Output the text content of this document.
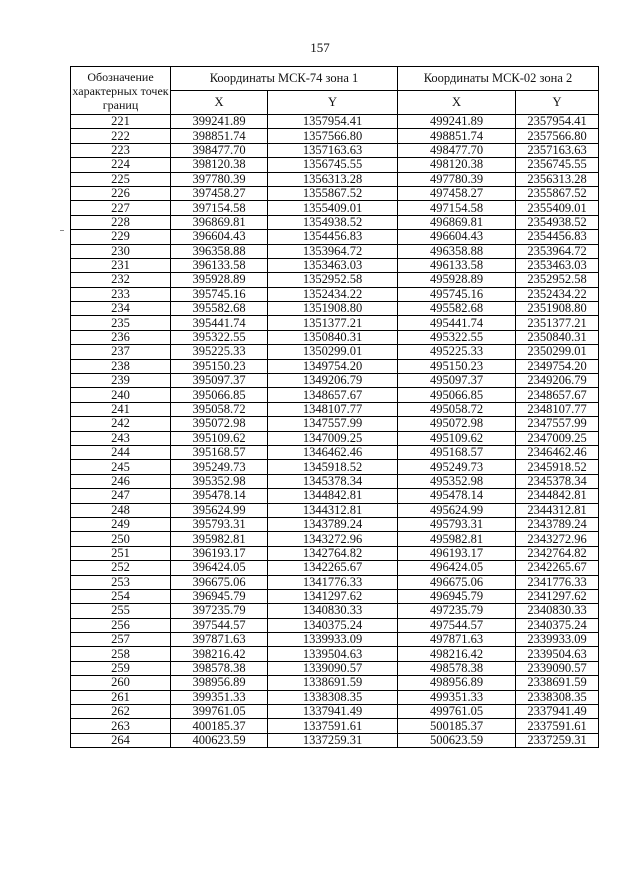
157
Обозначение характерных точек границ	Координаты МСК-74 зона 1		Координаты МСК-02 зона 2	
	X	Y	X	Y
221	399241.89	1357954.41	499241.89	2357954.41
222	398851.74	1357566.80	498851.74	2357566.80
223	398477.70	1357163.63	498477.70	2357163.63
224	398120.38	1356745.55	498120.38	2356745.55
225	397780.39	1356313.28	497780.39	2356313.28
226	397458.27	1355867.52	497458.27	2355867.52
227	397154.58	1355409.01	497154.58	2355409.01
228	396869.81	1354938.52	496869.81	2354938.52
229	396604.43	1354456.83	496604.43	2354456.83
230	396358.88	1353964.72	496358.88	2353964.72
231	396133.58	1353463.03	496133.58	2353463.03
232	395928.89	1352952.58	495928.89	2352952.58
233	395745.16	1352434.22	495745.16	2352434.22
234	395582.68	1351908.80	495582.68	2351908.80
235	395441.74	1351377.21	495441.74	2351377.21
236	395322.55	1350840.31	495322.55	2350840.31
237	395225.33	1350299.01	495225.33	2350299.01
238	395150.23	1349754.20	495150.23	2349754.20
239	395097.37	1349206.79	495097.37	2349206.79
240	395066.85	1348657.67	495066.85	2348657.67
241	395058.72	1348107.77	495058.72	2348107.77
242	395072.98	1347557.99	495072.98	2347557.99
243	395109.62	1347009.25	495109.62	2347009.25
244	395168.57	1346462.46	495168.57	2346462.46
245	395249.73	1345918.52	495249.73	2345918.52
246	395352.98	1345378.34	495352.98	2345378.34
247	395478.14	1344842.81	495478.14	2344842.81
248	395624.99	1344312.81	495624.99	2344312.81
249	395793.31	1343789.24	495793.31	2343789.24
250	395982.81	1343272.96	495982.81	2343272.96
251	396193.17	1342764.82	496193.17	2342764.82
252	396424.05	1342265.67	496424.05	2342265.67
253	396675.06	1341776.33	496675.06	2341776.33
254	396945.79	1341297.62	496945.79	2341297.62
255	397235.79	1340830.33	497235.79	2340830.33
256	397544.57	1340375.24	497544.57	2340375.24
257	397871.63	1339933.09	497871.63	2339933.09
258	398216.42	1339504.63	498216.42	2339504.63
259	398578.38	1339090.57	498578.38	2339090.57
260	398956.89	1338691.59	498956.89	2338691.59
261	399351.33	1338308.35	499351.33	2338308.35
262	399761.05	1337941.49	499761.05	2337941.49
263	400185.37	1337591.61	500185.37	2337591.61
264	400623.59	1337259.31	500623.59	2337259.31
